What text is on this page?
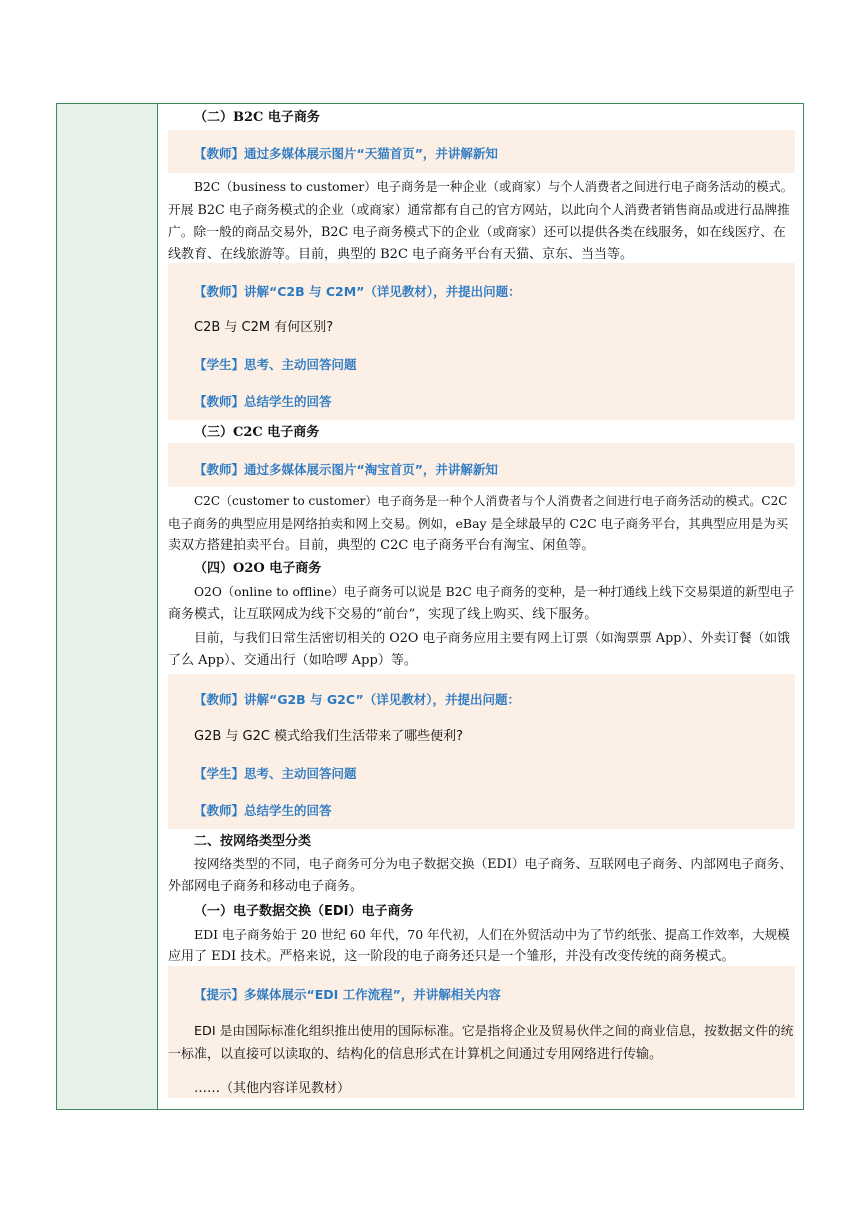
（二）B2C 电子商务
【教师】通过多媒体展示图片“天猫首页”，并讲解新知
B2C（business to customer）电子商务是一种企业（或商家）与个人消费者之间进行电子商务活动的模式。
开展 B2C 电子商务模式的企业（或商家）通常都有自己的官方网站，以此向个人消费者销售商品或进行品牌推
广。除一般的商品交易外，B2C 电子商务模式下的企业（或商家）还可以提供各类在线服务，如在线医疗、在
线教育、在线旅游等。目前，典型的 B2C 电子商务平台有天猫、京东、当当等。
【教师】讲解“C2B 与 C2M”（详见教材），并提出问题：
C2B 与 C2M 有何区别?
【学生】思考、主动回答问题
【教师】总结学生的回答
（三）C2C 电子商务
【教师】通过多媒体展示图片“淘宝首页”，并讲解新知
C2C（customer to customer）电子商务是一种个人消费者与个人消费者之间进行电子商务活动的模式。C2C
电子商务的典型应用是网络拍卖和网上交易。例如，eBay 是全球最早的 C2C 电子商务平台，其典型应用是为买
卖双方搭建拍卖平台。目前，典型的 C2C 电子商务平台有淘宝、闲鱼等。
（四）O2O 电子商务
O2O（online to offline）电子商务可以说是 B2C 电子商务的变种，是一种打通线上线下交易渠道的新型电子
商务模式，让互联网成为线下交易的“前台”，实现了线上购买、线下服务。
目前，与我们日常生活密切相关的 O2O 电子商务应用主要有网上订票（如淘票票 App）、外卖订餐（如饿
了么 App）、交通出行（如哈啰 App）等。
【教师】讲解“G2B 与 G2C”（详见教材），并提出问题：
G2B 与 G2C 模式给我们生活带来了哪些便利?
【学生】思考、主动回答问题
【教师】总结学生的回答
二、按网络类型分类
按网络类型的不同，电子商务可分为电子数据交换（EDI）电子商务、互联网电子商务、内部网电子商务、
外部网电子商务和移动电子商务。
（一）电子数据交换（EDI）电子商务
EDI 电子商务始于 20 世纪 60 年代，70 年代初，人们在外贸活动中为了节约纸张、提高工作效率，大规模
应用了 EDI 技术。严格来说，这一阶段的电子商务还只是一个雏形，并没有改变传统的商务模式。
【提示】多媒体展示“EDI 工作流程”，并讲解相关内容
EDI 是由国际标准化组织推出使用的国际标准。它是指将企业及贸易伙伴之间的商业信息，按数据文件的统
一标准，以直接可以读取的、结构化的信息形式在计算机之间通过专用网络进行传输。
……（其他内容详见教材）
